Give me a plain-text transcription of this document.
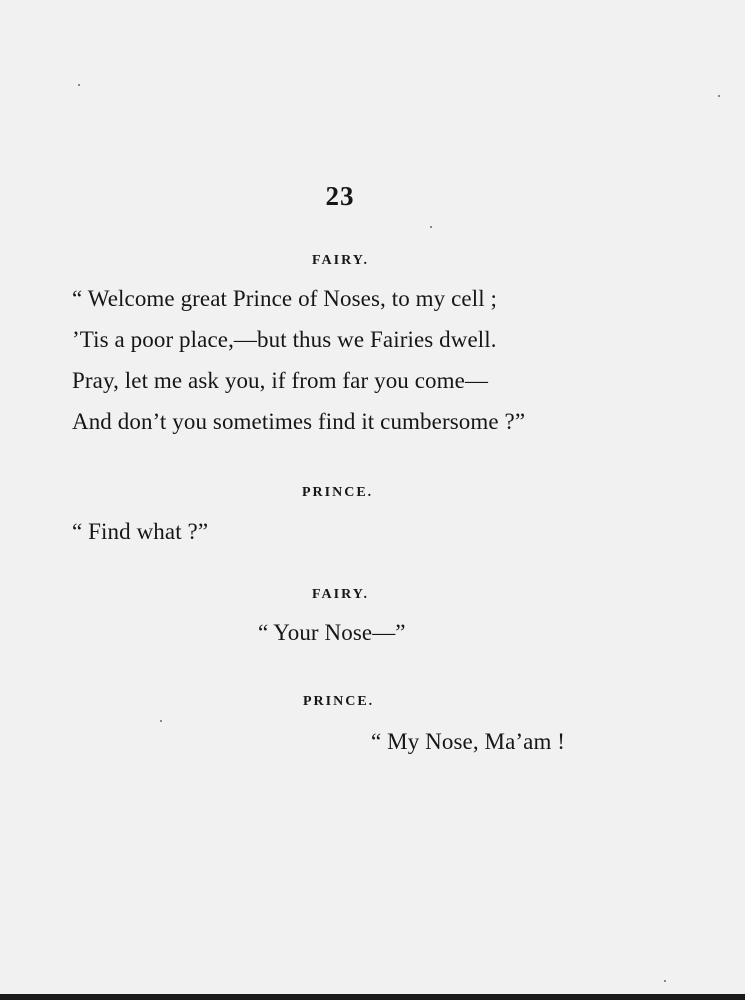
23
FAIRY.
“ Welcome great Prince of Noses, to my cell ;
’Tis a poor place,—but thus we Fairies dwell.
Pray, let me ask you, if from far you come—
And don’t you sometimes find it cumbersome ?”
PRINCE.
“ Find what ?”
FAIRY.
“ Your Nose—”
PRINCE.
“ My Nose, Ma’am !
